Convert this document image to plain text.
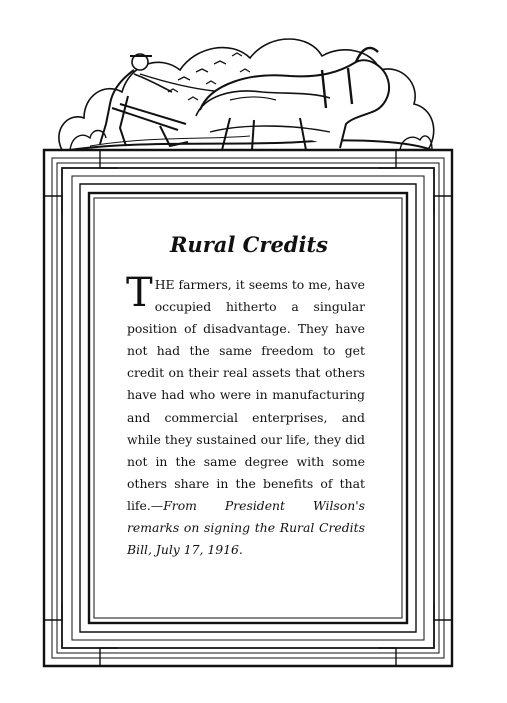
Rural Credits

THE farmers, it seems to me, have occupied hitherto a singular position of disadvantage. They have not had the same freedom to get credit on their real assets that others have had who were in manufacturing and commercial enterprises, and while they sustained our life, they did not in the same degree with some others share in the benefits of that life.—From President Wilson's remarks on signing the Rural Credits Bill, July 17, 1916.
